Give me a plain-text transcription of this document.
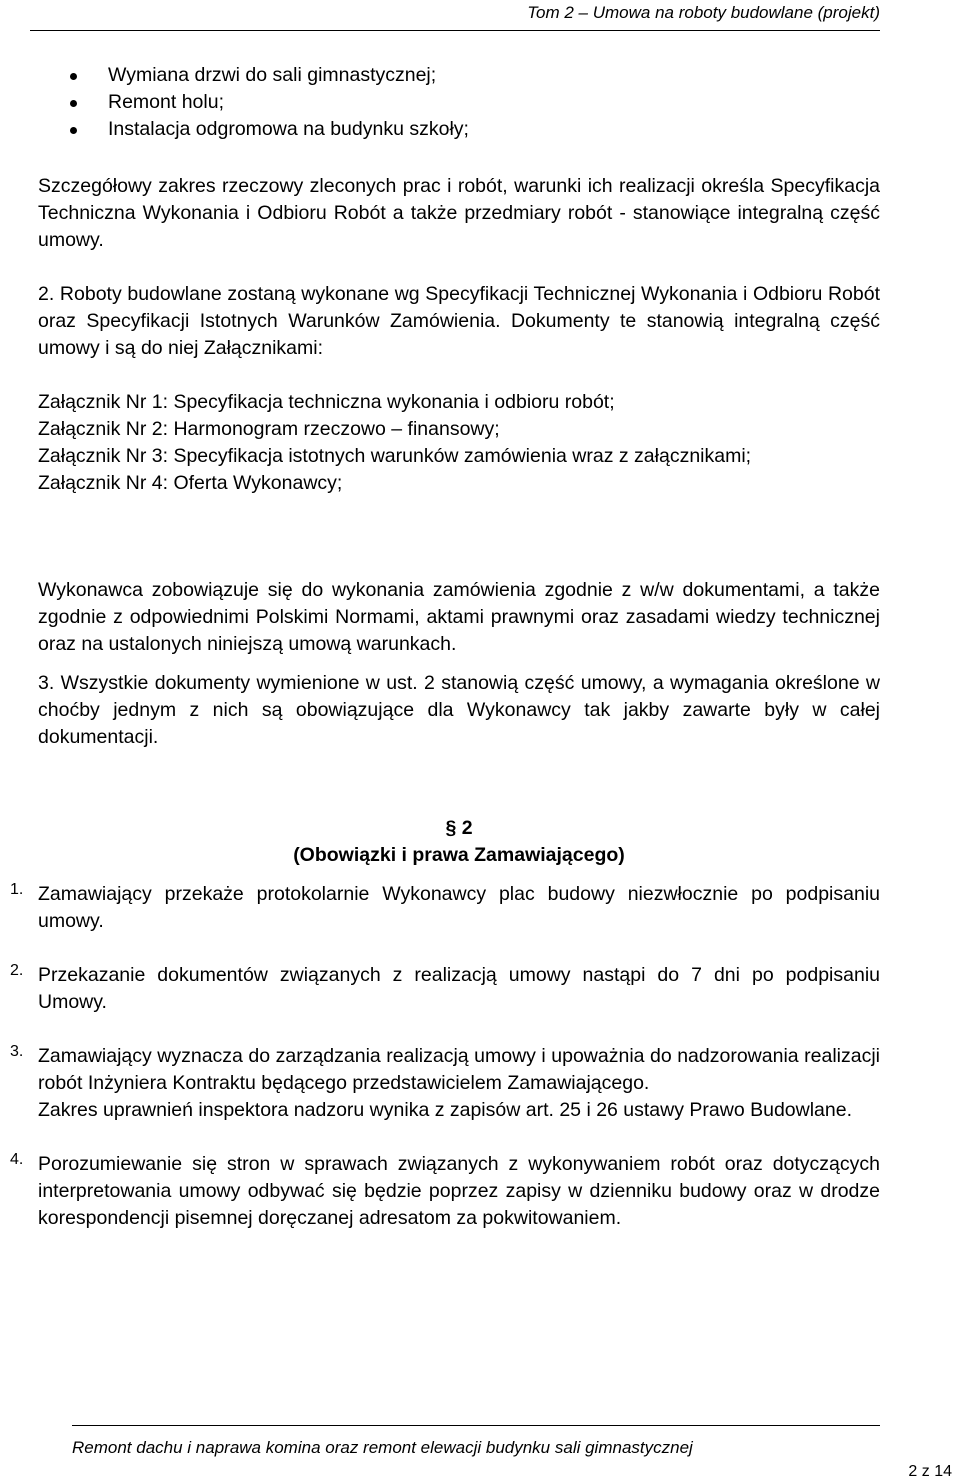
Tom 2 – Umowa na roboty budowlane (projekt)
Wymiana drzwi do sali gimnastycznej;
Remont holu;
Instalacja odgromowa na budynku szkoły;

Szczegółowy zakres rzeczowy zleconych prac i robót, warunki ich realizacji określa Specyfikacja Techniczna Wykonania i Odbioru Robót a także przedmiary robót - stanowiące integralną część umowy.

2. Roboty budowlane zostaną wykonane wg Specyfikacji Technicznej Wykonania i Odbioru Robót oraz Specyfikacji Istotnych Warunków Zamówienia. Dokumenty te stanowią integralną część umowy i są do niej Załącznikami:

Załącznik Nr 1: Specyfikacja techniczna wykonania i odbioru robót;

Załącznik Nr 2: Harmonogram rzeczowo – finansowy;

Załącznik Nr 3: Specyfikacja istotnych warunków zamówienia wraz z załącznikami;

Załącznik Nr 4: Oferta Wykonawcy;

Wykonawca zobowiązuje się do wykonania zamówienia zgodnie z w/w dokumentami, a także zgodnie z odpowiednimi Polskimi Normami, aktami prawnymi oraz zasadami wiedzy technicznej oraz na ustalonych niniejszą umową warunkach.

3. Wszystkie dokumenty wymienione w ust. 2 stanowią część umowy, a wymagania określone w choćby jednym z nich są obowiązujące dla Wykonawcy tak jakby zawarte były w całej dokumentacji.

§ 2
(Obowiązki i prawa Zamawiającego)
1. Zamawiający przekaże protokolarnie Wykonawcy plac budowy niezwłocznie po podpisaniu umowy.

2. Przekazanie dokumentów związanych z realizacją umowy nastąpi do 7 dni po podpisaniu Umowy.

3. Zamawiający wyznacza do zarządzania realizacją umowy i upoważnia do nadzorowania realizacji robót Inżyniera Kontraktu będącego przedstawicielem Zamawiającego.

Zakres uprawnień inspektora nadzoru wynika z zapisów art. 25 i 26 ustawy Prawo Budowlane.

4. Porozumiewanie się stron w sprawach związanych z wykonywaniem robót oraz dotyczących interpretowania umowy odbywać się będzie poprzez zapisy w dzienniku budowy oraz w drodze korespondencji pisemnej doręczanej adresatom za pokwitowaniem.

Remont dachu i naprawa komina oraz remont elewacji budynku sali gimnastycznej
2 z 14
